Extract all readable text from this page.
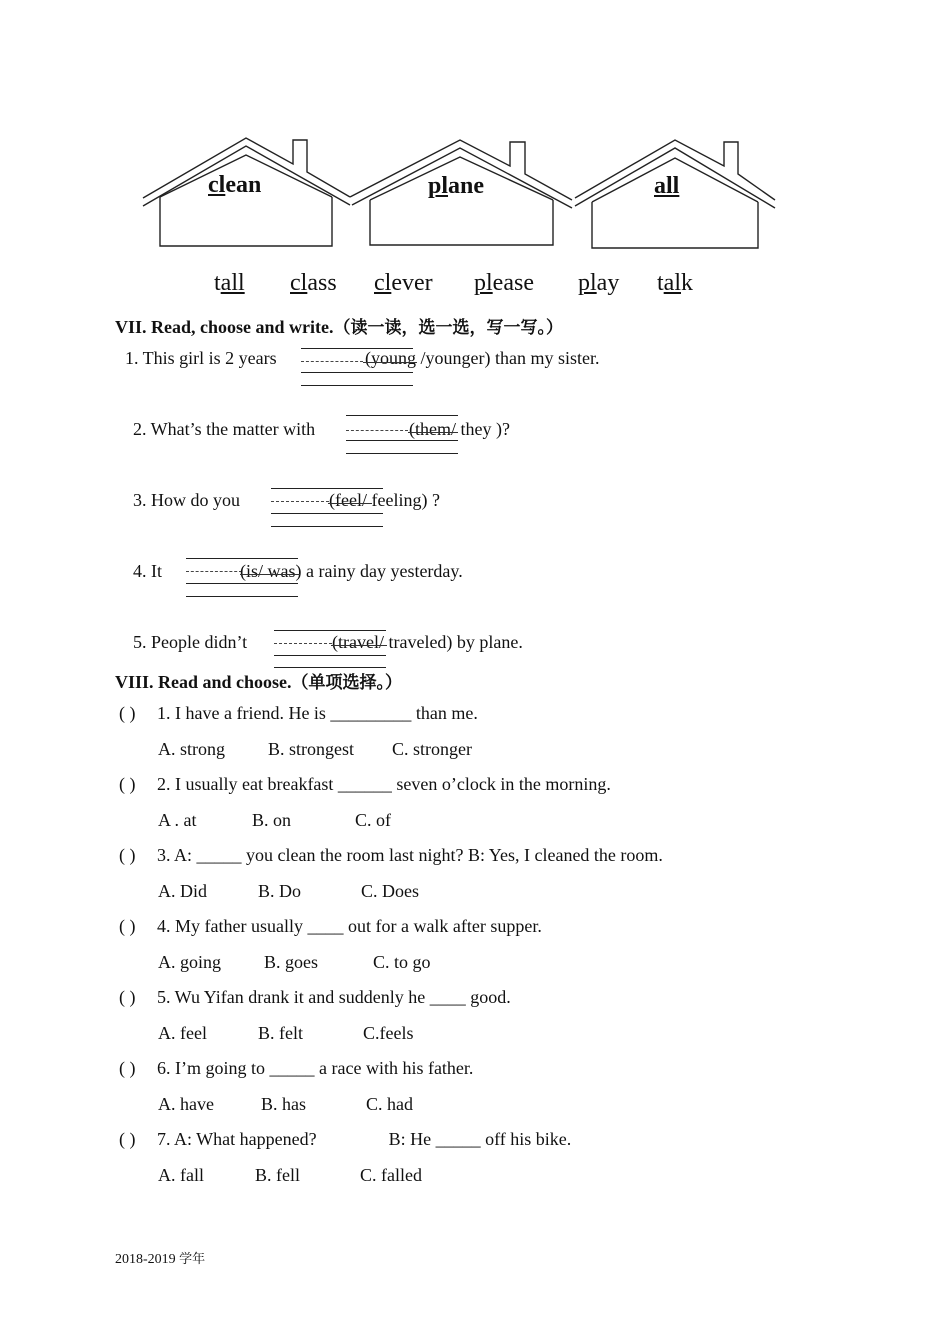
clean	plane	all
tall class clever please play talk
VII. Read, choose and write.（读一读，选一选，写一写。）
1. This girl is 2 years	(young /younger) than my sister.
2. What’s the matter with	(them/ they )?
3. How do you	(feel/ feeling) ?
4. It	(is/ was) a rainy day yesterday.
5. People didn’t	(travel/ traveled) by plane.
VIII. Read and choose.（单项选择。）
( ) 1. I have a friend. He is _________ than me.
A. strong B. strongest C. stronger
( ) 2. I usually eat breakfast ______ seven o’clock in the morning.
A . at	B. on	C. of
( ) 3. A: _____ you clean the room last night? B: Yes, I cleaned the room.
A. Did	B. Do	C. Does
( ) 4. My father usually ____ out for a walk after supper.
A. going B. goes	C. to go
( ) 5. Wu Yifan drank it and suddenly he ____ good.
A. feel	B. felt	C.feels
( ) 6. I’m going to _____ a race with his father.
A. have	B. has	C. had
( ) 7. A: What happened?                B: He _____ off his bike.
A. fall	B. fell	C. falled
2018-2019 学年
